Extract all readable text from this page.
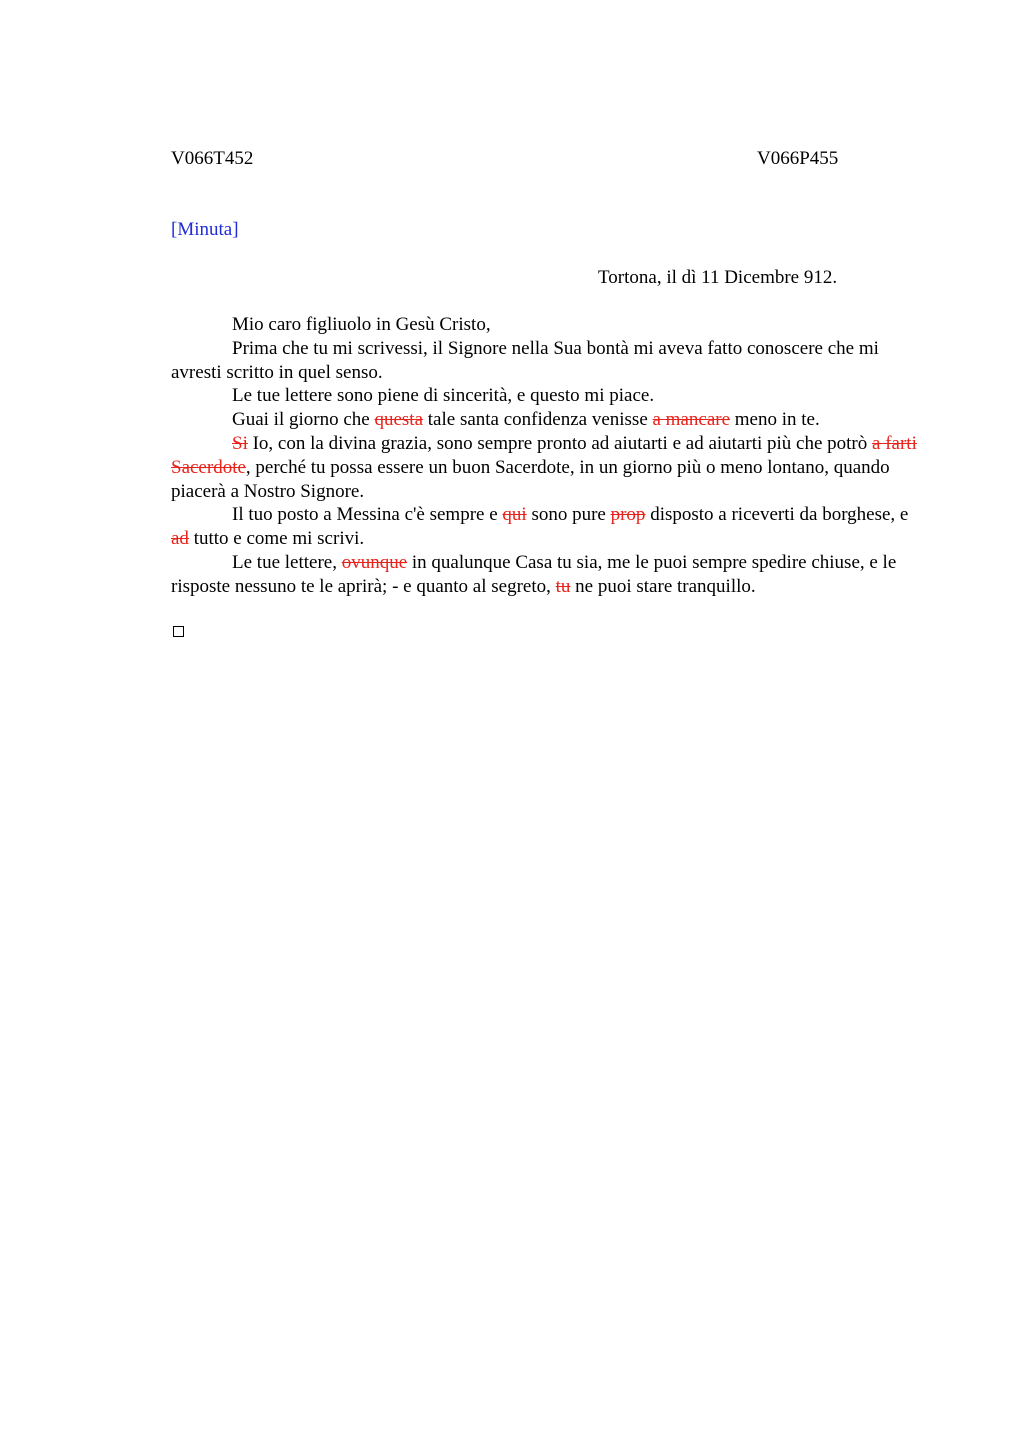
V066T452	V066P455
[Minuta]
Tortona, il dì 11 Dicembre 912.

Mio caro figliuolo in Gesù Cristo,

Prima che tu mi scrivessi, il Signore nella Sua bontà mi aveva fatto conoscere che mi avresti scritto in quel senso.

Le tue lettere sono piene di sincerità, e questo mi piace.

Guai il giorno che questa tale santa confidenza venisse a mancare meno in te.

Si Io, con la divina grazia, sono sempre pronto ad aiutarti e ad aiutarti più che potrò a farti Sacerdote, perché tu possa essere un buon Sacerdote, in un giorno più o meno lontano, quando piacerà a Nostro Signore.

Il tuo posto a Messina c'è sempre e qui sono pure prop disposto a riceverti da borghese, e ad tutto e come mi scrivi.

Le tue lettere, ovunque in qualunque Casa tu sia, me le puoi sempre spedire chiuse, e le risposte nessuno te le aprirà; - e quanto al segreto, tu ne puoi stare tranquillo.
